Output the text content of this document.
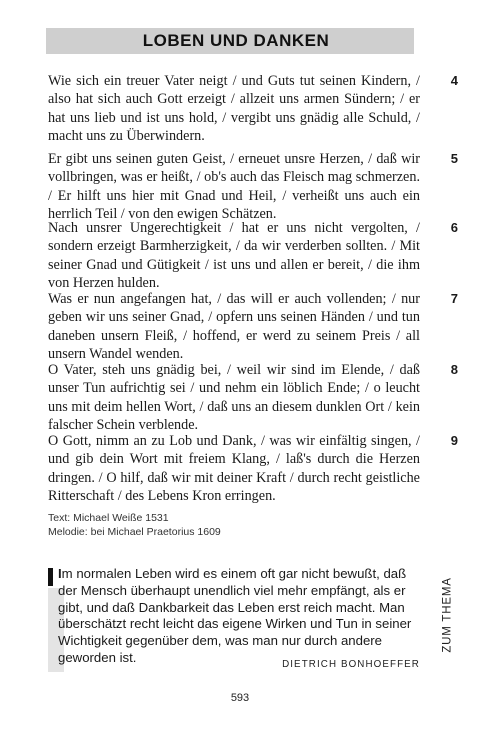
LOBEN UND DANKEN
Wie sich ein treuer Vater neigt / und Guts tut seinen Kindern, / also hat sich auch Gott erzeigt / allzeit uns armen Sündern; / er hat uns lieb und ist uns hold, / vergibt uns gnädig alle Schuld, / macht uns zu Überwindern.
4
Er gibt uns seinen guten Geist, / erneuet unsre Herzen, / daß wir vollbringen, was er heißt, / ob's auch das Fleisch mag schmerzen. / Er hilft uns hier mit Gnad und Heil, / verheißt uns auch ein herrlich Teil / von den ewigen Schätzen.
5
Nach unsrer Ungerechtigkeit / hat er uns nicht vergolten, / sondern erzeigt Barmherzigkeit, / da wir verderben sollten. / Mit seiner Gnad und Gütigkeit / ist uns und allen er bereit, / die ihm von Herzen hulden.
6
Was er nun angefangen hat, / das will er auch vollenden; / nur geben wir uns seiner Gnad, / opfern uns seinen Händen / und tun daneben unsern Fleiß, / hoffend, er werd zu seinem Preis / all unsern Wandel wenden.
7
O Vater, steh uns gnädig bei, / weil wir sind im Elende, / daß unser Tun aufrichtig sei / und nehm ein löblich Ende; / o leucht uns mit deim hellen Wort, / daß uns an diesem dunklen Ort / kein falscher Schein verblende.
8
O Gott, nimm an zu Lob und Dank, / was wir einfältig singen, / und gib dein Wort mit freiem Klang, / laß's durch die Herzen dringen. / O hilf, daß wir mit deiner Kraft / durch recht geistliche Ritterschaft / des Lebens Kron erringen.
9
Text: Michael Weiße 1531
Melodie: bei Michael Praetorius 1609
Im normalen Leben wird es einem oft gar nicht bewußt, daß der Mensch überhaupt unendlich viel mehr empfängt, als er gibt, und daß Dankbarkeit das Leben erst reich macht. Man überschätzt recht leicht das eigene Wirken und Tun in seiner Wichtigkeit gegenüber dem, was man nur durch andere geworden ist.	DIETRICH BONHOEFFER
ZUM THEMA
593
